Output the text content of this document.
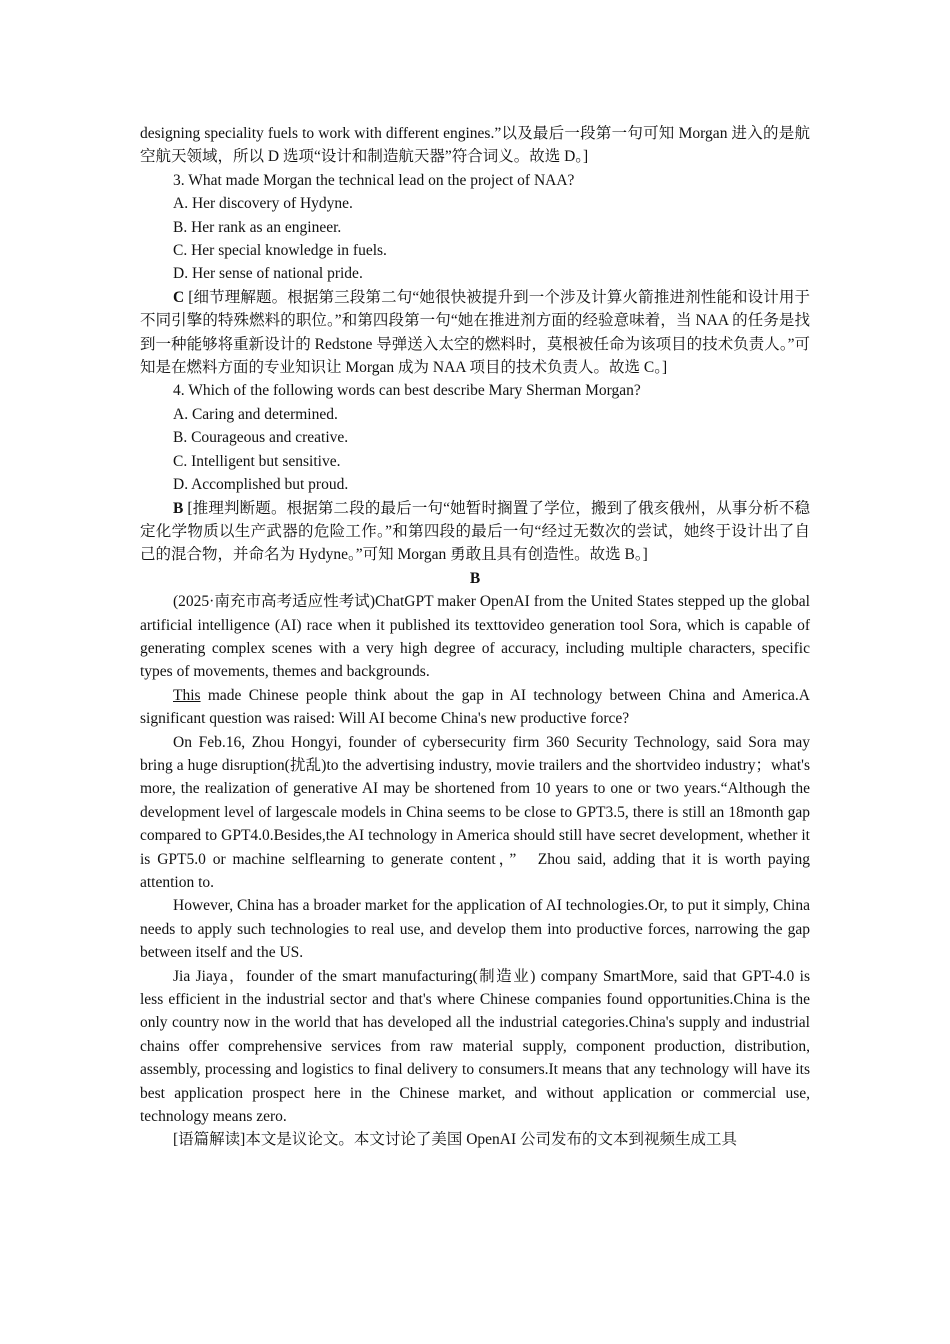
designing speciality fuels to work with different engines.”以及最后一段第一句可知 Morgan 进入的是航空航天领域，所以 D 选项“设计和制造航天器”符合词义。故选 D。]

3. What made Morgan the technical lead on the project of NAA?

A. Her discovery of Hydyne.

B. Her rank as an engineer.

C. Her special knowledge in fuels.

D. Her sense of national pride.

C [细节理解题。根据第三段第二句“她很快被提升到一个涉及计算火箭推进剂性能和设计用于不同引擎的特殊燃料的职位。”和第四段第一句“她在推进剂方面的经验意味着，当 NAA 的任务是找到一种能够将重新设计的 Redstone 导弹送入太空的燃料时，莫根被任命为该项目的技术负责人。”可知是在燃料方面的专业知识让 Morgan 成为 NAA 项目的技术负责人。故选 C。]

4. Which of the following words can best describe Mary Sherman Morgan?

A. Caring and determined.

B. Courageous and creative.

C. Intelligent but sensitive.

D. Accomplished but proud.

B [推理判断题。根据第二段的最后一句“她暂时搁置了学位，搬到了俄亥俄州，从事分析不稳定化学物质以生产武器的危险工作。”和第四段的最后一句“经过无数次的尝试，她终于设计出了自己的混合物，并命名为 Hydyne。”可知 Morgan 勇敢且具有创造性。故选 B。]

B

(2025·南充市高考适应性考试)ChatGPT maker OpenAI from the United States stepped up the global artificial intelligence (AI) race when it published its texttovideo generation tool Sora, which is capable of generating complex scenes with a very high degree of accuracy, including multiple characters, specific types of movements, themes and backgrounds.

This made Chinese people think about the gap in AI technology between China and America.A significant question was raised: Will AI become China's new productive force?

On Feb.16, Zhou Hongyi, founder of cybersecurity firm 360 Security Technology, said Sora may bring a huge disruption(扰乱)to the advertising industry, movie trailers and the shortvideo industry；what's more, the realization of generative AI may be shortened from 10 years to one or two years.“Although the development level of largescale models in China seems to be close to GPT3.5, there is still an 18month gap compared to GPT4.0.Besides,the AI technology in America should still have secret development, whether it is GPT5.0 or machine selflearning to generate content，”　Zhou said, adding that it is worth paying attention to.

However, China has a broader market for the application of AI technologies.Or, to put it simply, China needs to apply such technologies to real use, and develop them into productive forces, narrowing the gap between itself and the US.

Jia Jiaya，founder of the smart manufacturing(制造业) company SmartMore, said that GPT-4.0 is less efficient in the industrial sector and that's where Chinese companies found opportunities.China is the only country now in the world that has developed all the industrial categories.China's supply and industrial chains offer comprehensive services from raw material supply, component production, distribution, assembly, processing and logistics to final delivery to consumers.It means that any technology will have its best application prospect here in the Chinese market, and without application or commercial use, technology means zero.

[语篇解读]本文是议论文。本文讨论了美国 OpenAI 公司发布的文本到视频生成工具
